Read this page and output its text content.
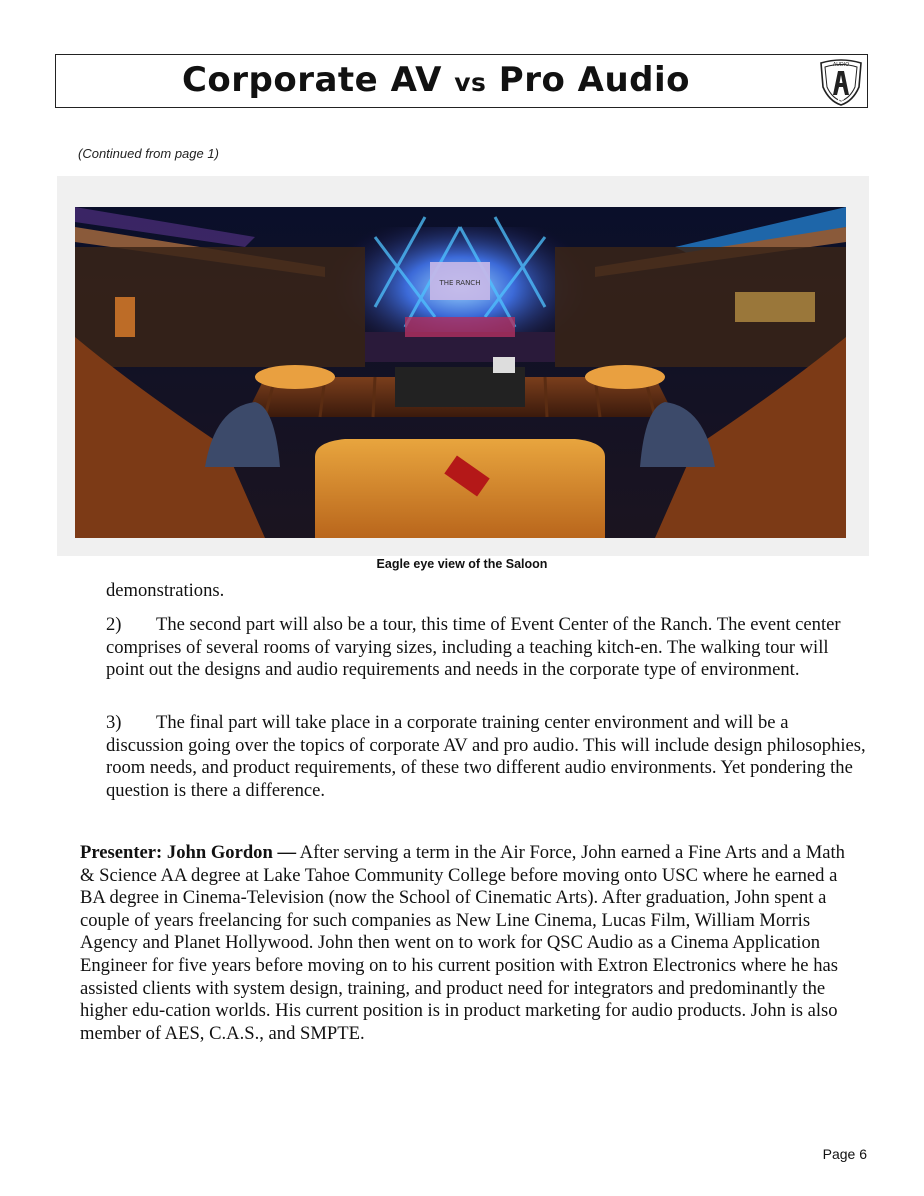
Corporate AV vs Pro Audio	AUDIO
ES
(Continued from page 1)
THE RANCH
Eagle eye view of the Saloon
demonstrations.
2) The second part will also be a tour, this time of Event Center of the Ranch. The event center comprises of several rooms of varying sizes, including a teaching kitch-en. The walking tour will point out the designs and audio requirements and needs in the corporate type of environment.
3) The final part will take place in a corporate training center environment and will be a discussion going over the topics of corporate AV and pro audio. This will include design philosophies, room needs, and product requirements, of these two different audio environments. Yet pondering the question is there a difference.
Presenter: John Gordon — After serving a term in the Air Force, John earned a Fine Arts and a Math & Science AA degree at Lake Tahoe Community College before moving onto USC where he earned a BA degree in Cinema-Television (now the School of Cinematic Arts). After graduation, John spent a couple of years freelancing for such companies as New Line Cinema, Lucas Film, William Morris Agency and Planet Hollywood. John then went on to work for QSC Audio as a Cinema Application Engineer for five years before moving on to his current position with Extron Electronics where he has assisted clients with system design, training, and product need for integrators and predominantly the higher edu-cation worlds. His current position is in product marketing for audio products. John is also member of AES, C.A.S., and SMPTE.
Page 6
